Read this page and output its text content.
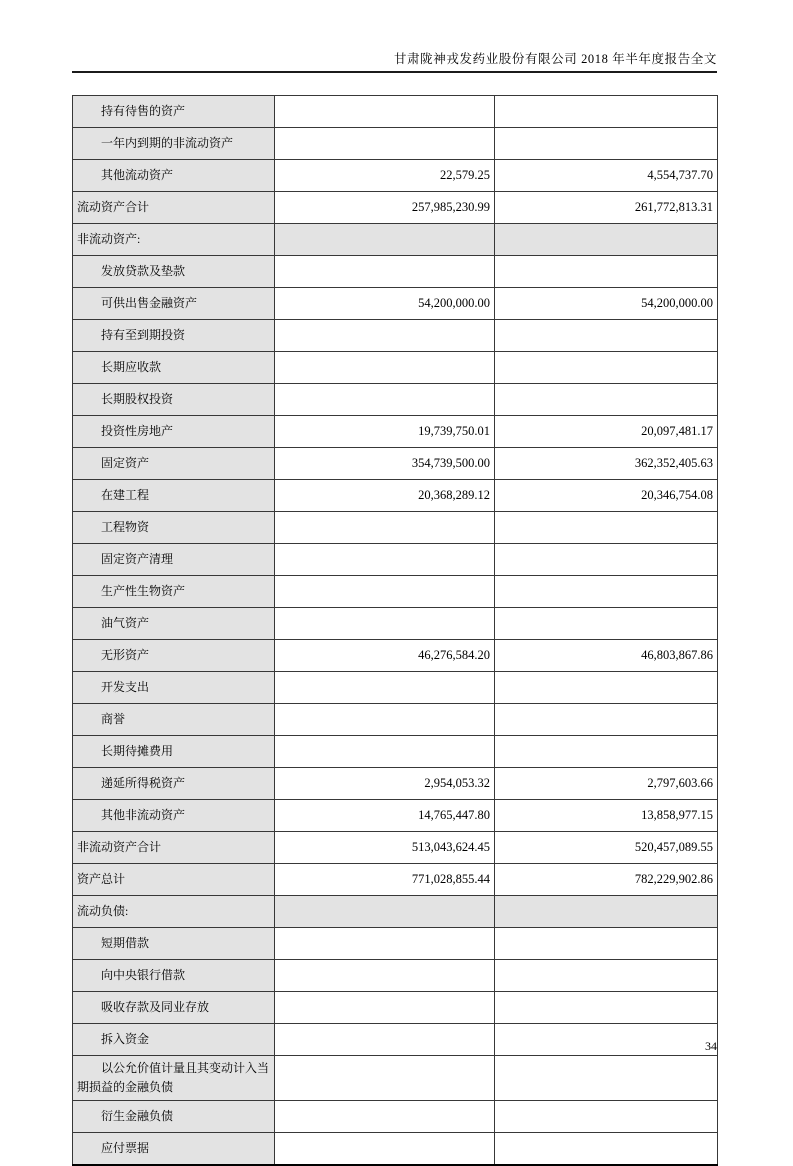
甘肃陇神戎发药业股份有限公司 2018 年半年度报告全文
持有待售的资产		
一年内到期的非流动资产		
其他流动资产	22,579.25	4,554,737.70
流动资产合计	257,985,230.99	261,772,813.31
非流动资产:		
发放贷款及垫款		
可供出售金融资产	54,200,000.00	54,200,000.00
持有至到期投资		
长期应收款		
长期股权投资		
投资性房地产	19,739,750.01	20,097,481.17
固定资产	354,739,500.00	362,352,405.63
在建工程	20,368,289.12	20,346,754.08
工程物资		
固定资产清理		
生产性生物资产		
油气资产		
无形资产	46,276,584.20	46,803,867.86
开发支出		
商誉		
长期待摊费用		
递延所得税资产	2,954,053.32	2,797,603.66
其他非流动资产	14,765,447.80	13,858,977.15
非流动资产合计	513,043,624.45	520,457,089.55
资产总计	771,028,855.44	782,229,902.86
流动负债:		
短期借款		
向中央银行借款		
吸收存款及同业存放		
拆入资金		
以公允价值计量且其变动计入当期损益的金融负债		
衍生金融负债		
应付票据		
34
